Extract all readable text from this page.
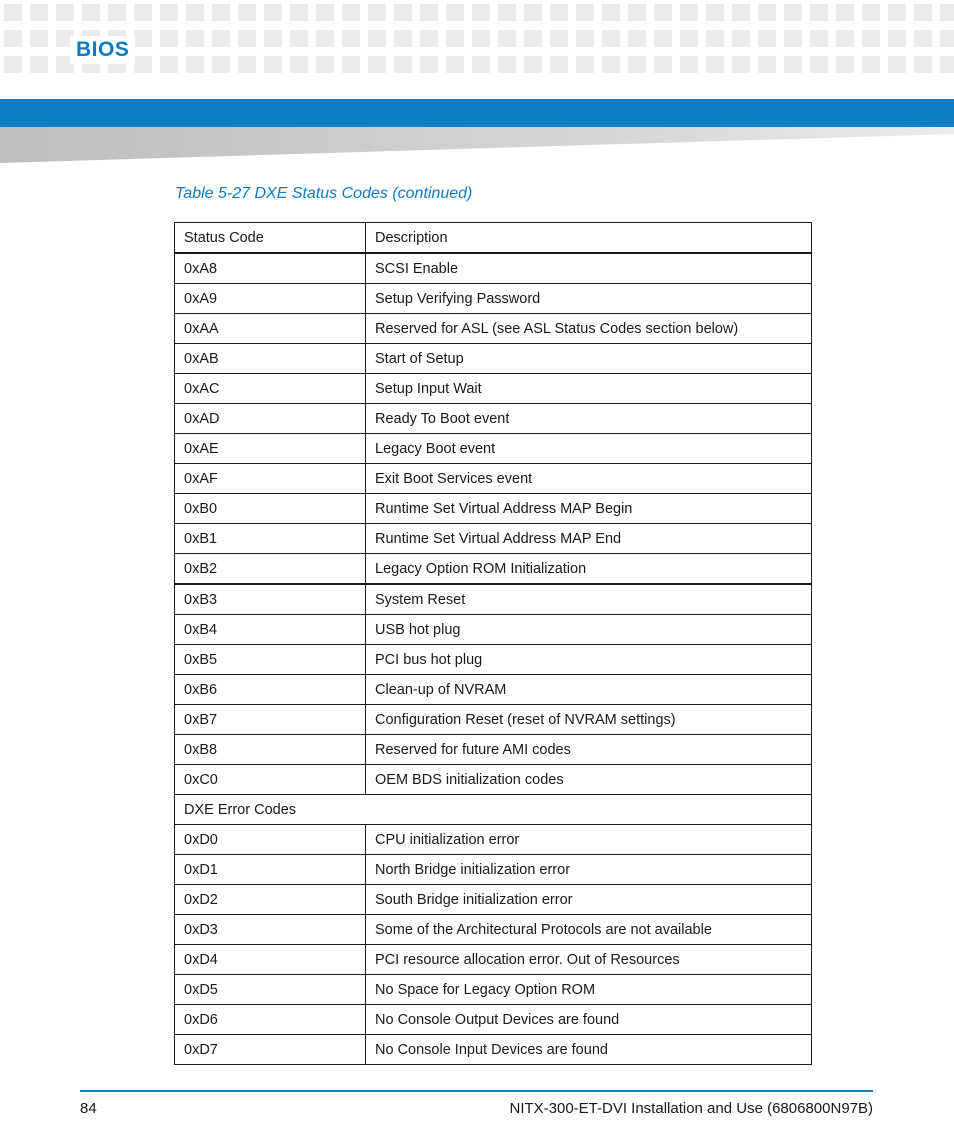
BIOS
Table 5-27 DXE Status Codes (continued)
Status Code	Description
0xA8	SCSI Enable
0xA9	Setup Verifying Password
0xAA	Reserved for ASL (see ASL Status Codes section below)
0xAB	Start of Setup
0xAC	Setup Input Wait
0xAD	Ready To Boot event
0xAE	Legacy Boot event
0xAF	Exit Boot Services event
0xB0	Runtime Set Virtual Address MAP Begin
0xB1	Runtime Set Virtual Address MAP End
0xB2	Legacy Option ROM Initialization
0xB3	System Reset
0xB4	USB hot plug
0xB5	PCI bus hot plug
0xB6	Clean-up of NVRAM
0xB7	Configuration Reset (reset of NVRAM settings)
0xB8	Reserved for future AMI codes
0xC0	OEM BDS initialization codes
DXE Error Codes	
0xD0	CPU initialization error
0xD1	North Bridge initialization error
0xD2	South Bridge initialization error
0xD3	Some of the Architectural Protocols are not available
0xD4	PCI resource allocation error. Out of Resources
0xD5	No Space for Legacy Option ROM
0xD6	No Console Output Devices are found
0xD7	No Console Input Devices are found
84	NITX-300-ET-DVI Installation and Use (6806800N97B)
